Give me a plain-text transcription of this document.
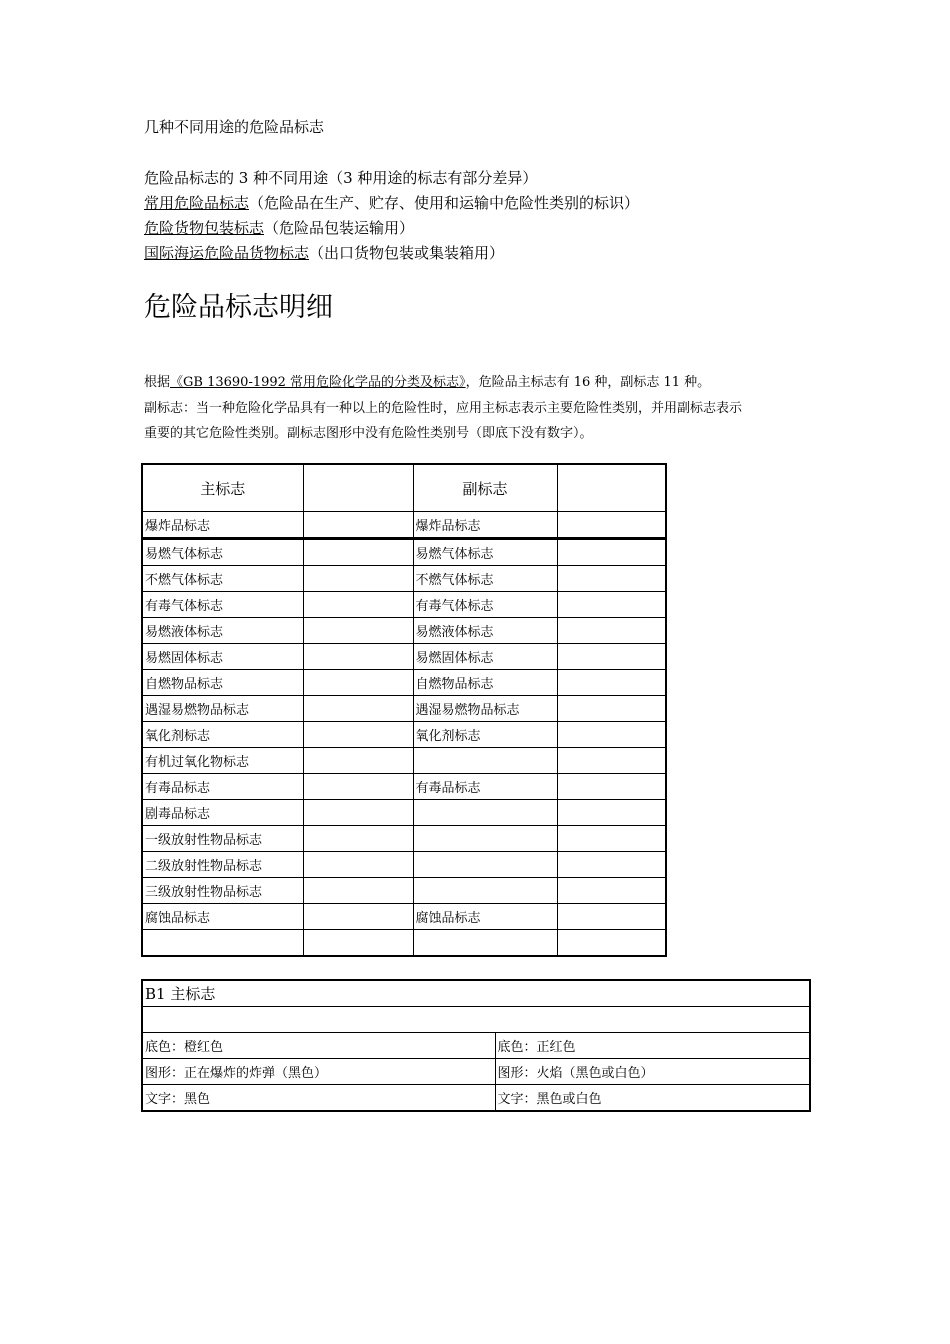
几种不同用途的危险品标志
危险品标志的 3 种不同用途（3 种用途的标志有部分差异）
常用危险品标志（危险品在生产、贮存、使用和运输中危险性类别的标识）
危险货物包装标志（危险品包装运输用）
国际海运危险品货物标志（出口货物包装或集装箱用）
危险品标志明细
根据《GB 13690-1992 常用危险化学品的分类及标志》，危险品主标志有 16 种，副标志 11 种。
副标志：当一种危险化学品具有一种以上的危险性时，应用主标志表示主要危险性类别，并用副标志表示
重要的其它危险性类别。副标志图形中没有危险性类别号（即底下没有数字）。
主标志		副标志	
爆炸品标志		爆炸品标志	
易燃气体标志		易燃气体标志	
不燃气体标志		不燃气体标志	
有毒气体标志		有毒气体标志	
易燃液体标志		易燃液体标志	
易燃固体标志		易燃固体标志	
自燃物品标志		自燃物品标志	
遇湿易燃物品标志		遇湿易燃物品标志	
氧化剂标志		氧化剂标志	
有机过氧化物标志			
有毒品标志		有毒品标志	
剧毒品标志			
一级放射性物品标志			
二级放射性物品标志			
三级放射性物品标志			
腐蚀品标志		腐蚀品标志	

B1 主标志	

底色：橙红色	底色：正红色
图形：正在爆炸的炸弹（黑色）	图形：火焰（黑色或白色）
文字：黑色	文字：黑色或白色
